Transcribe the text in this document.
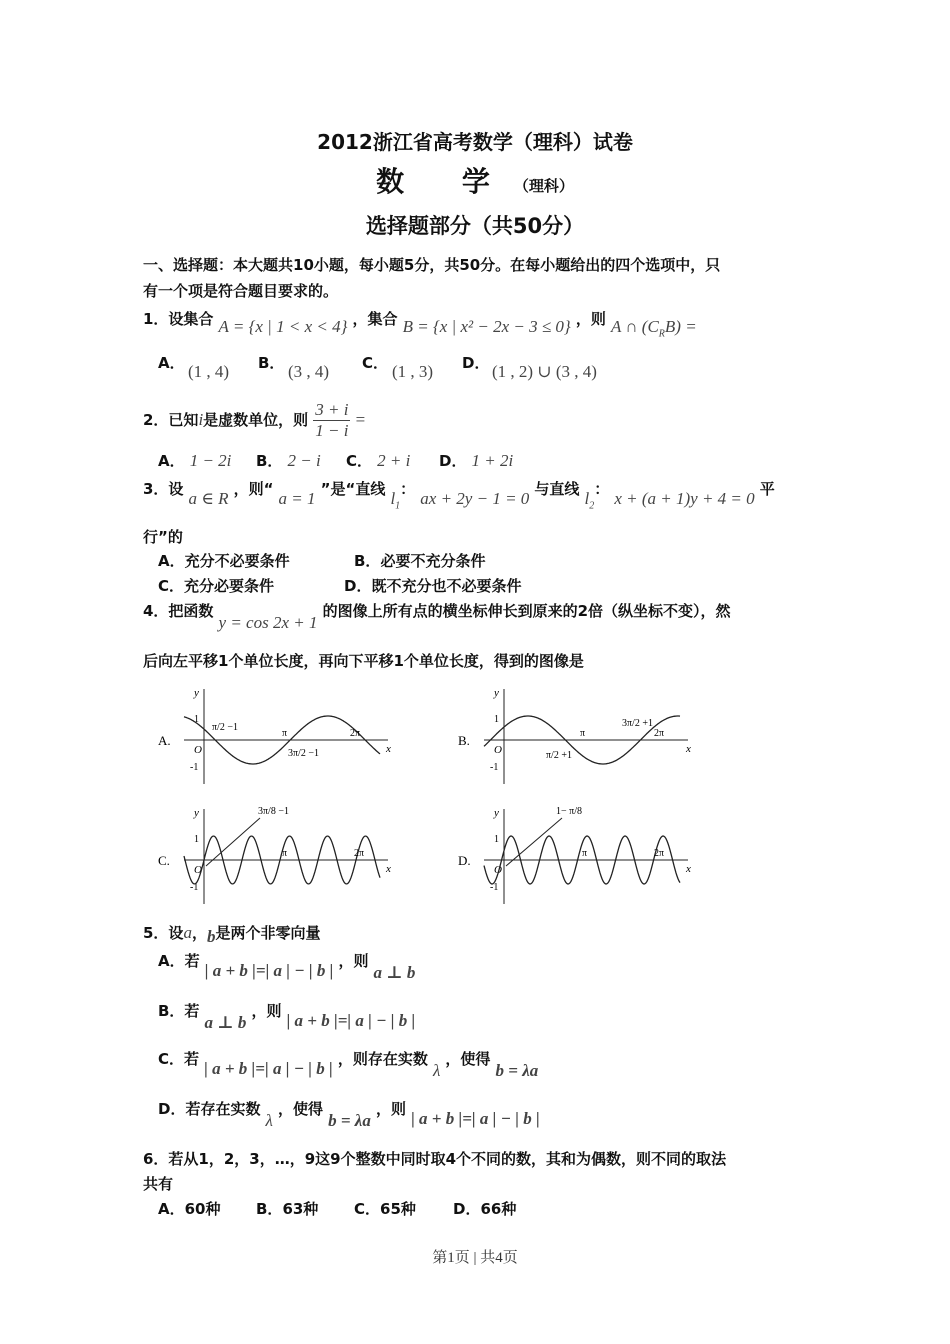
2012浙江省高考数学（理科）试卷
数 学（理科）
选择题部分（共50分）
一、选择题：本大题共10小题，每小题5分，共50分。在每小题给出的四个选项中，只
有一个项是符合题目要求的。
1．设集合 A = {x | 1 < x < 4} ，集合 B = {x | x² − 2x − 3 ≤ 0} ，则 A ∩ $(C_RB)$ =
A． (1 , 4) B． (3 , 4) C． (1 , 3) D． (1 , 2) ∪ (3 , 4)
2．已知i是虚数单位，则 $\frac{3 + i}{1 - i}$ =
A． 1 − 2i B． 2 − i C． 2 + i D． 1 + 2i
3．设 a ∈ R ，则“ a = 1 ”是“直线 $l_1$： ax + 2y − 1 = 0 与直线 $l_2$： x + (a + 1)y + 4 = 0 平
行”的
A．充分不必要条件	B．必要不充分条件
C．充分必要条件	D．既不充分也不必要条件
4．把函数 y = cos 2x + 1 的图像上所有点的横坐标伸长到原来的2倍（纵坐标不变），然
后向左平移1个单位长度，再向下平移1个单位长度，得到的图像是
A.
x
y
O
1
-1
π/2 −1
π
3π/2 −1
2π	B.
x
y
O
1
-1
π/2 +1
π
3π/2 +1
2π
C.
x
y
O
1
-1
3π/8 −1
π	2π	D.
x
y
O
1
-1
1− π/8
π	2π
5．设a，b是两个非零向量
A．若 | a + b |=| a | − | b | ，则 a ⊥ b
B．若 a ⊥ b ，则 | a + b |=| a | − | b |
C．若 | a + b |=| a | − | b | ，则存在实数 λ ，使得 b = λa
D．若存在实数 λ ，使得 b = λa ，则 | a + b |=| a | − | b |
6．若从1，2，3，…，9这9个整数中同时取4个不同的数，其和为偶数，则不同的取法
共有
A．60种 B．63种 C．65种 D．66种
第1页 | 共4页
